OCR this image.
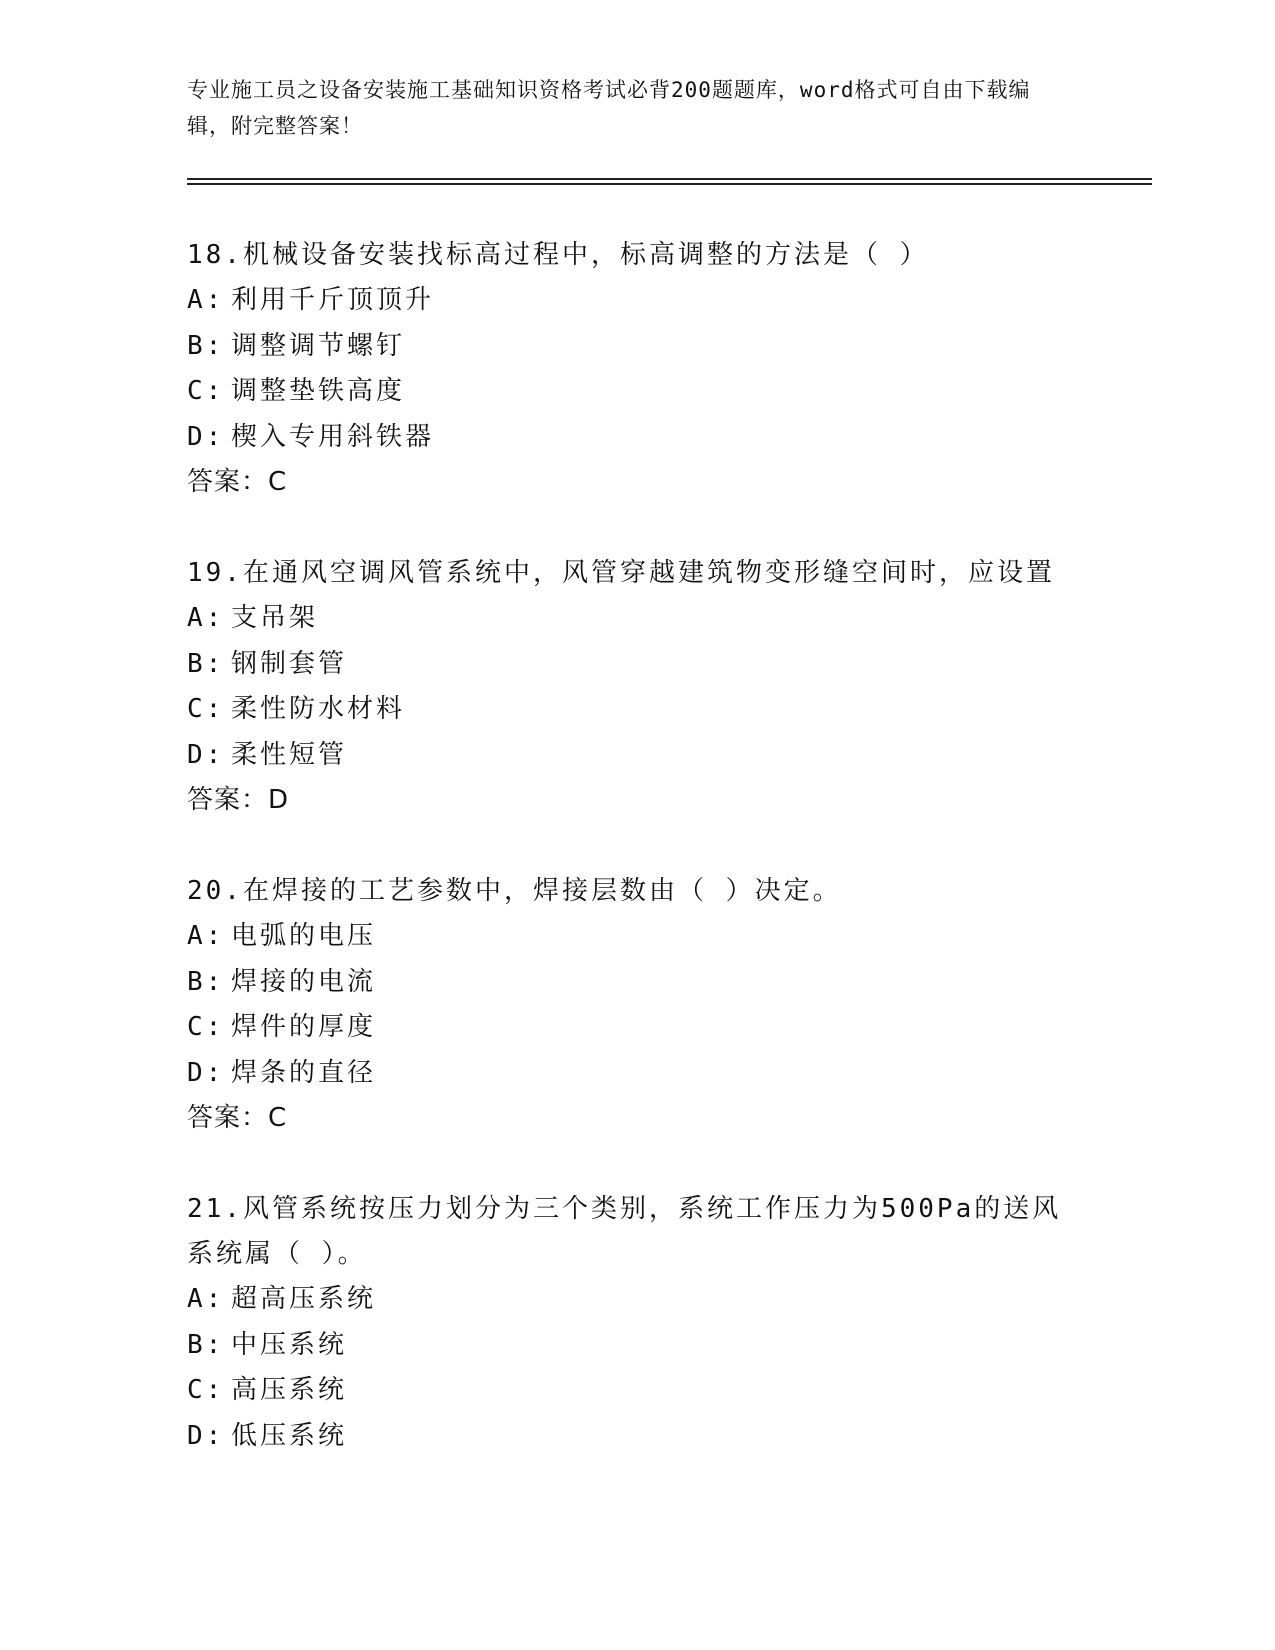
专业施工员之设备安装施工基础知识资格考试必背200题题库，word格式可自由下载编辑，附完整答案！

18.机械设备安装找标高过程中，标高调整的方法是（ ）

A: 利用千斤顶顶升
B: 调整调节螺钉
C: 调整垫铁高度
D: 楔入专用斜铁器
答案：C

19.在通风空调风管系统中，风管穿越建筑物变形缝空间时，应设置

A: 支吊架
B: 钢制套管
C: 柔性防水材料
D: 柔性短管
答案：D

20.在焊接的工艺参数中，焊接层数由（ ）决定。

A: 电弧的电压
B: 焊接的电流
C: 焊件的厚度
D: 焊条的直径
答案：C

21.风管系统按压力划分为三个类别，系统工作压力为500Pa的送风系统属（ ）。

A: 超高压系统
B: 中压系统
C: 高压系统
D: 低压系统
